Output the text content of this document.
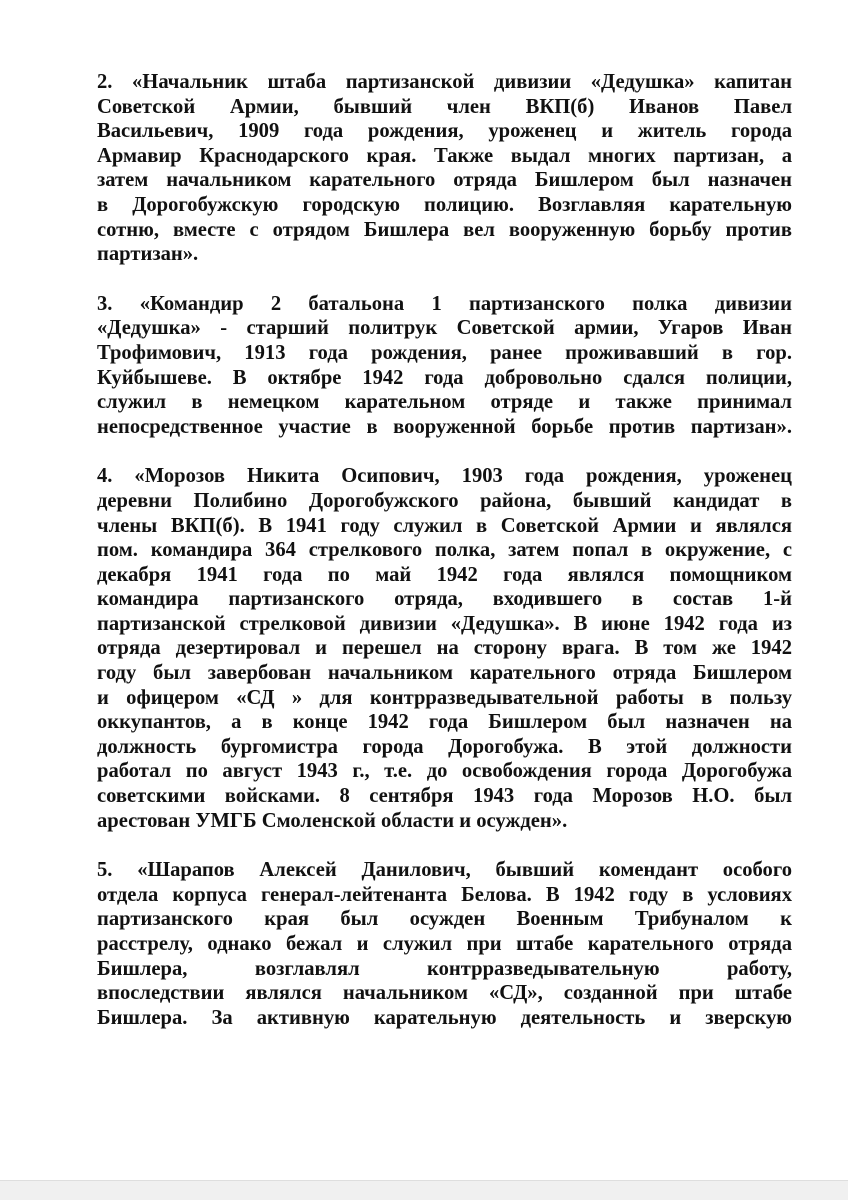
2. «Начальник штаба партизанской дивизии «Дедушка» капитан
Советской Армии, бывший член ВКП(б) Иванов Павел
Васильевич, 1909 года рождения, уроженец и житель города
Армавир Краснодарского края. Также выдал многих партизан, а
затем начальником карательного отряда Бишлером был назначен
в Дорогобужскую городскую полицию. Возглавляя карательную
сотню, вместе с отрядом Бишлера вел вооруженную борьбу против
партизан».

3. «Командир 2 батальона 1 партизанского полка дивизии
«Дедушка» - старший политрук Советской армии, Угаров Иван
Трофимович, 1913 года рождения, ранее проживавший в гор.
Куйбышеве. В октябре 1942 года добровольно сдался полиции,
служил в немецком карательном отряде и также принимал
непосредственное участие в вооруженной борьбе против партизан».

4. «Морозов Никита Осипович, 1903 года рождения, уроженец
деревни Полибино Дорогобужского района, бывший кандидат в
члены ВКП(б). В 1941 году служил в Советской Армии и являлся
пом. командира 364 стрелкового полка, затем попал в окружение, с
декабря 1941 года по май 1942 года являлся помощником
командира партизанского отряда, входившего в состав 1-й
партизанской стрелковой дивизии «Дедушка». В июне 1942 года из
отряда дезертировал и перешел на сторону врага. В том же 1942
году был завербован начальником карательного отряда Бишлером
и офицером «СД » для контрразведывательной работы в пользу
оккупантов, а в конце 1942 года Бишлером был назначен на
должность бургомистра города Дорогобужа. В этой должности
работал по август 1943 г., т.е. до освобождения города Дорогобужа
советскими войсками. 8 сентября 1943 года Морозов Н.О. был
арестован УМГБ Смоленской области и осужден».

5. «Шарапов Алексей Данилович, бывший комендант особого
отдела корпуса генерал-лейтенанта Белова. В 1942 году в условиях
партизанского края был осужден Военным Трибуналом к
расстрелу, однако бежал и служил при штабе карательного отряда
Бишлера, возглавлял контрразведывательную работу,
впоследствии являлся начальником «СД», созданной при штабе
Бишлера. За активную карательную деятельность и зверскую
